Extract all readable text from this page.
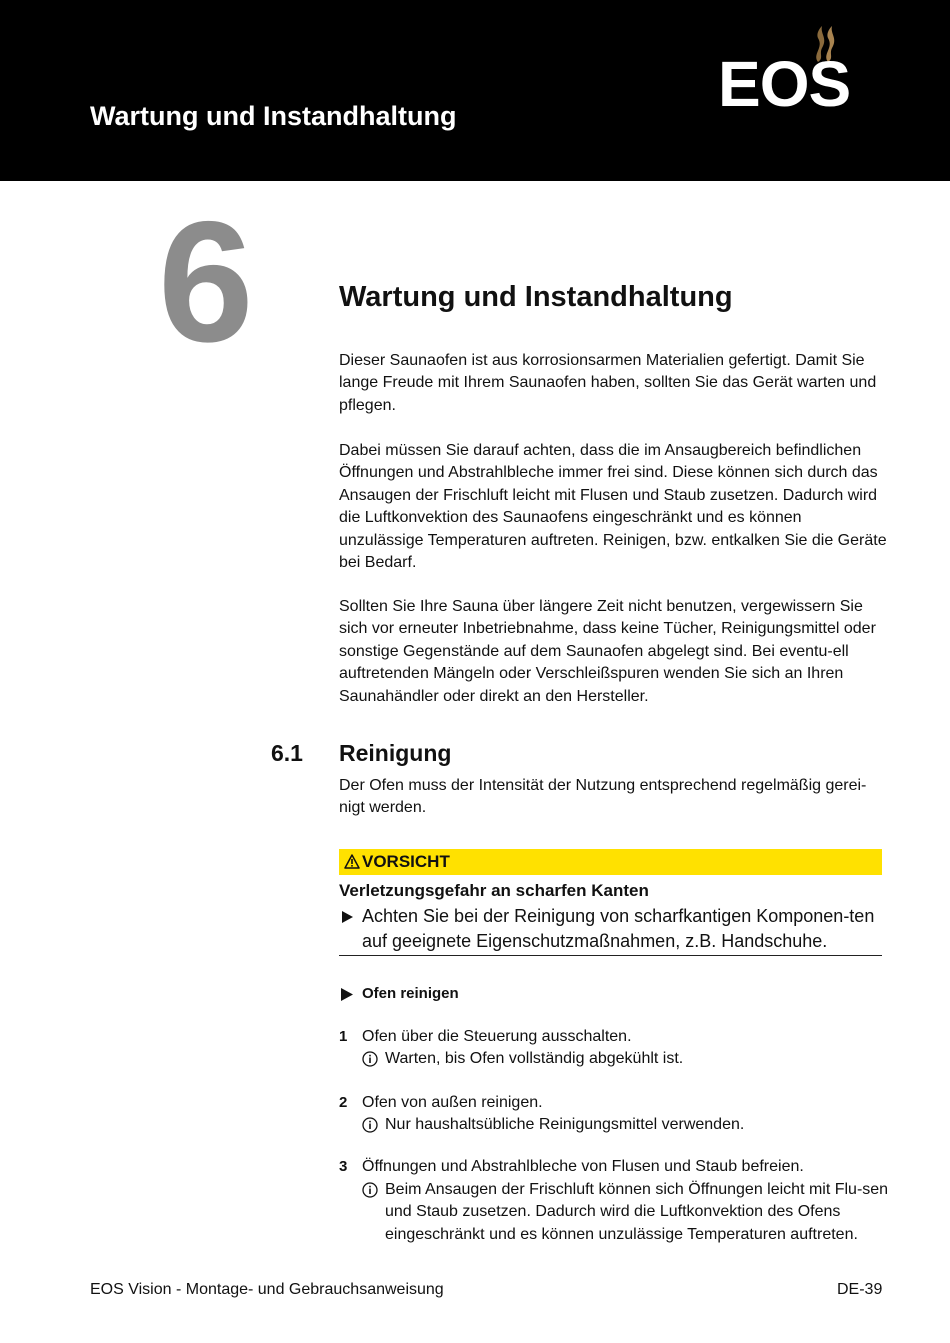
Wartung und Instandhaltung	EOS
6	Wartung und Instandhaltung

Dieser Saunaofen ist aus korrosionsarmen Materialien gefertigt. Damit Sie lange Freude mit Ihrem Saunaofen haben, sollten Sie das Gerät warten und pflegen.

Dabei müssen Sie darauf achten, dass die im Ansaugbereich befindlichen Öffnungen und Abstrahlbleche immer frei sind. Diese können sich durch das Ansaugen der Frischluft leicht mit Flusen und Staub zusetzen. Dadurch wird die Luftkonvektion des Saunaofens eingeschränkt und es können unzulässige Temperaturen auftreten. Reinigen, bzw. entkalken Sie die Geräte bei Bedarf.

Sollten Sie Ihre Sauna über längere Zeit nicht benutzen, vergewissern Sie sich vor erneuter Inbetriebnahme, dass keine Tücher, Reinigungsmittel oder sonstige Gegenstände auf dem Saunaofen abgelegt sind. Bei eventu-ell auftretenden Mängeln oder Verschleißspuren wenden Sie sich an Ihren Saunahändler oder direkt an den Hersteller.

6.1 Reinigung

Der Ofen muss der Intensität der Nutzung entsprechend regelmäßig gerei-nigt werden.

VORSICHT
Verletzungsgefahr an scharfen Kanten

Achten Sie bei der Reinigung von scharfkantigen Komponen-ten auf geeignete Eigenschutzmaßnahmen, z.B. Handschuhe.

Ofen reinigen
1 Ofen über die Steuerung ausschalten.

Warten, bis Ofen vollständig abgekühlt ist.

2 Ofen von außen reinigen.

Nur haushaltsübliche Reinigungsmittel verwenden.

3 Öffnungen und Abstrahlbleche von Flusen und Staub befreien.

Beim Ansaugen der Frischluft können sich Öffnungen leicht mit Flu-sen und Staub zusetzen. Dadurch wird die Luftkonvektion des Ofens eingeschränkt und es können unzulässige Temperaturen auftreten.

EOS Vision - Montage- und Gebrauchsanweisung	DE-39
